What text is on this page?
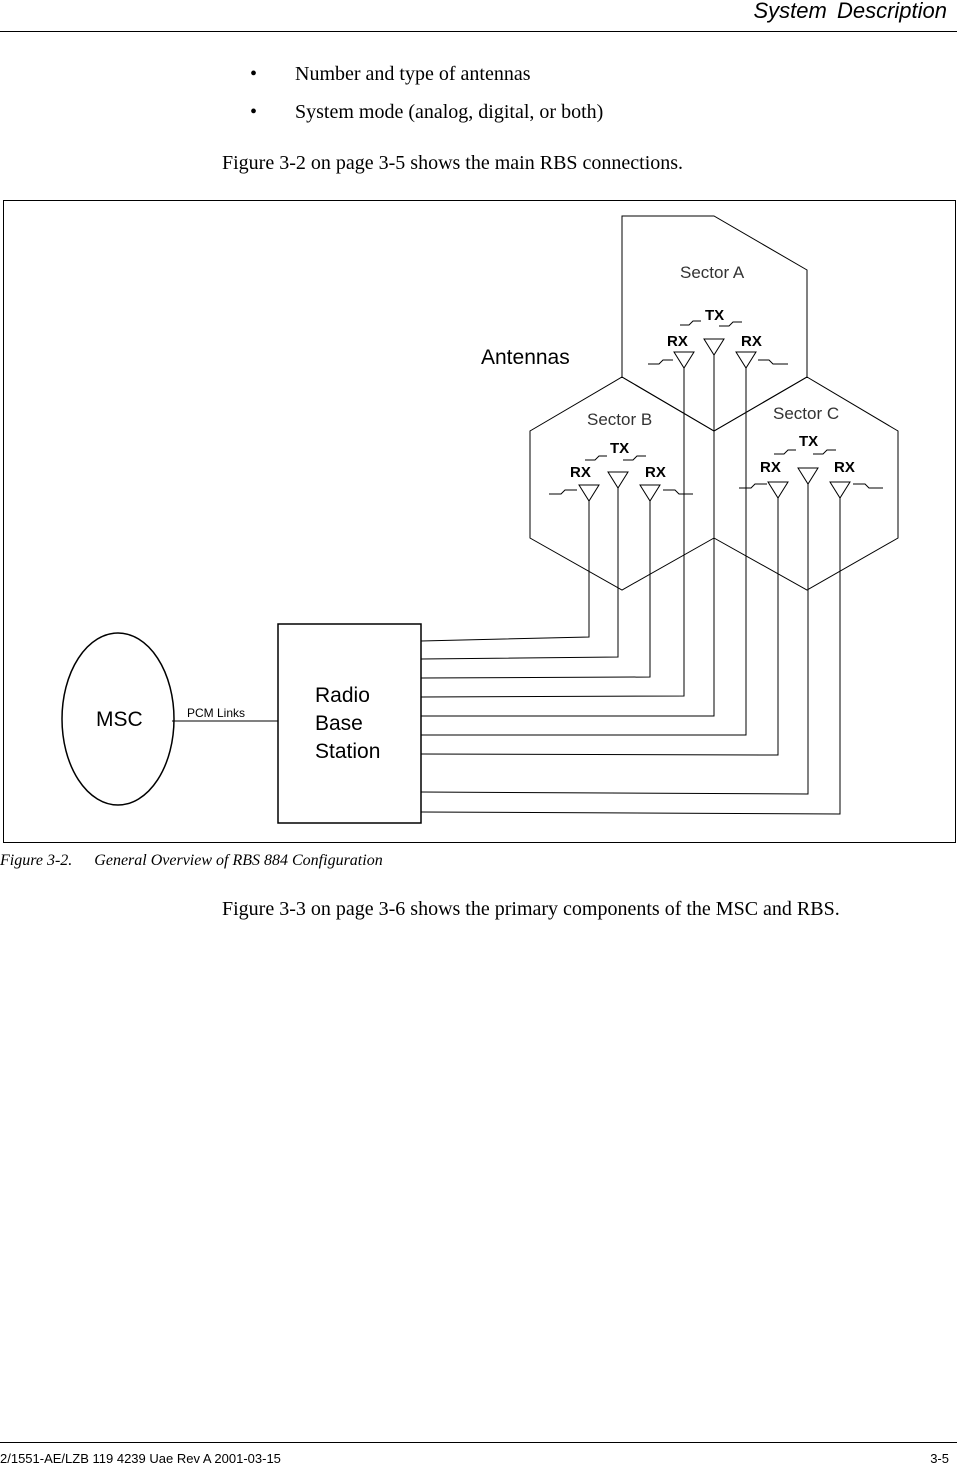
System Description
• Number and type of antennas
• System mode (analog, digital, or both)
Figure 3-2 on page 3-5 shows the main RBS connections.
Antennas
Sector A
TX
RX	RX
Sector B
TX
RX	RX
Sector C
TX
RX	RX
Radio
Base
Station
PCM Links
MSC
Figure 3-2. General Overview of RBS 884 Configuration
Figure 3-3 on page 3-6 shows the primary components of the MSC and RBS.
2/1551-AE/LZB 119 4239 Uae Rev A 2001-03-15	3-5
